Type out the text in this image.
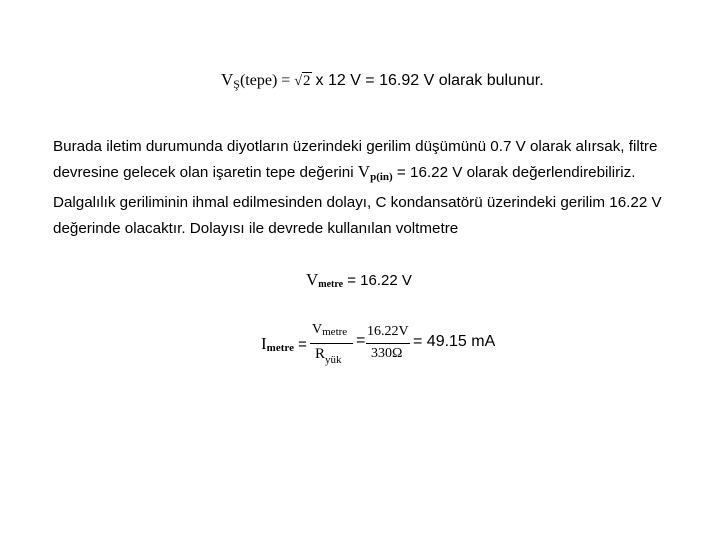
$V_Ş(tepe) = √2$ x 12 V = 16.92 V olarak bulunur.
Burada iletim durumunda diyotların üzerindeki gerilim düşümünü 0.7 V olarak alırsak, filtre
devresine gelecek olan işaretin tepe değerini Vp(in) = 16.22 V olarak değerlendirebiliriz.
Dalgalılık geriliminin ihmal edilmesinden dolayı, C kondansatörü üzerindeki gerilim 16.22 V
değerinde olacaktır. Dolayısı ile devrede kullanılan voltmetre
$V_{metre} = 16.22$ V
Imetre =
Vmetre
$R_{yük}$
=
16.22V
330Ω
= 49.15 mA
